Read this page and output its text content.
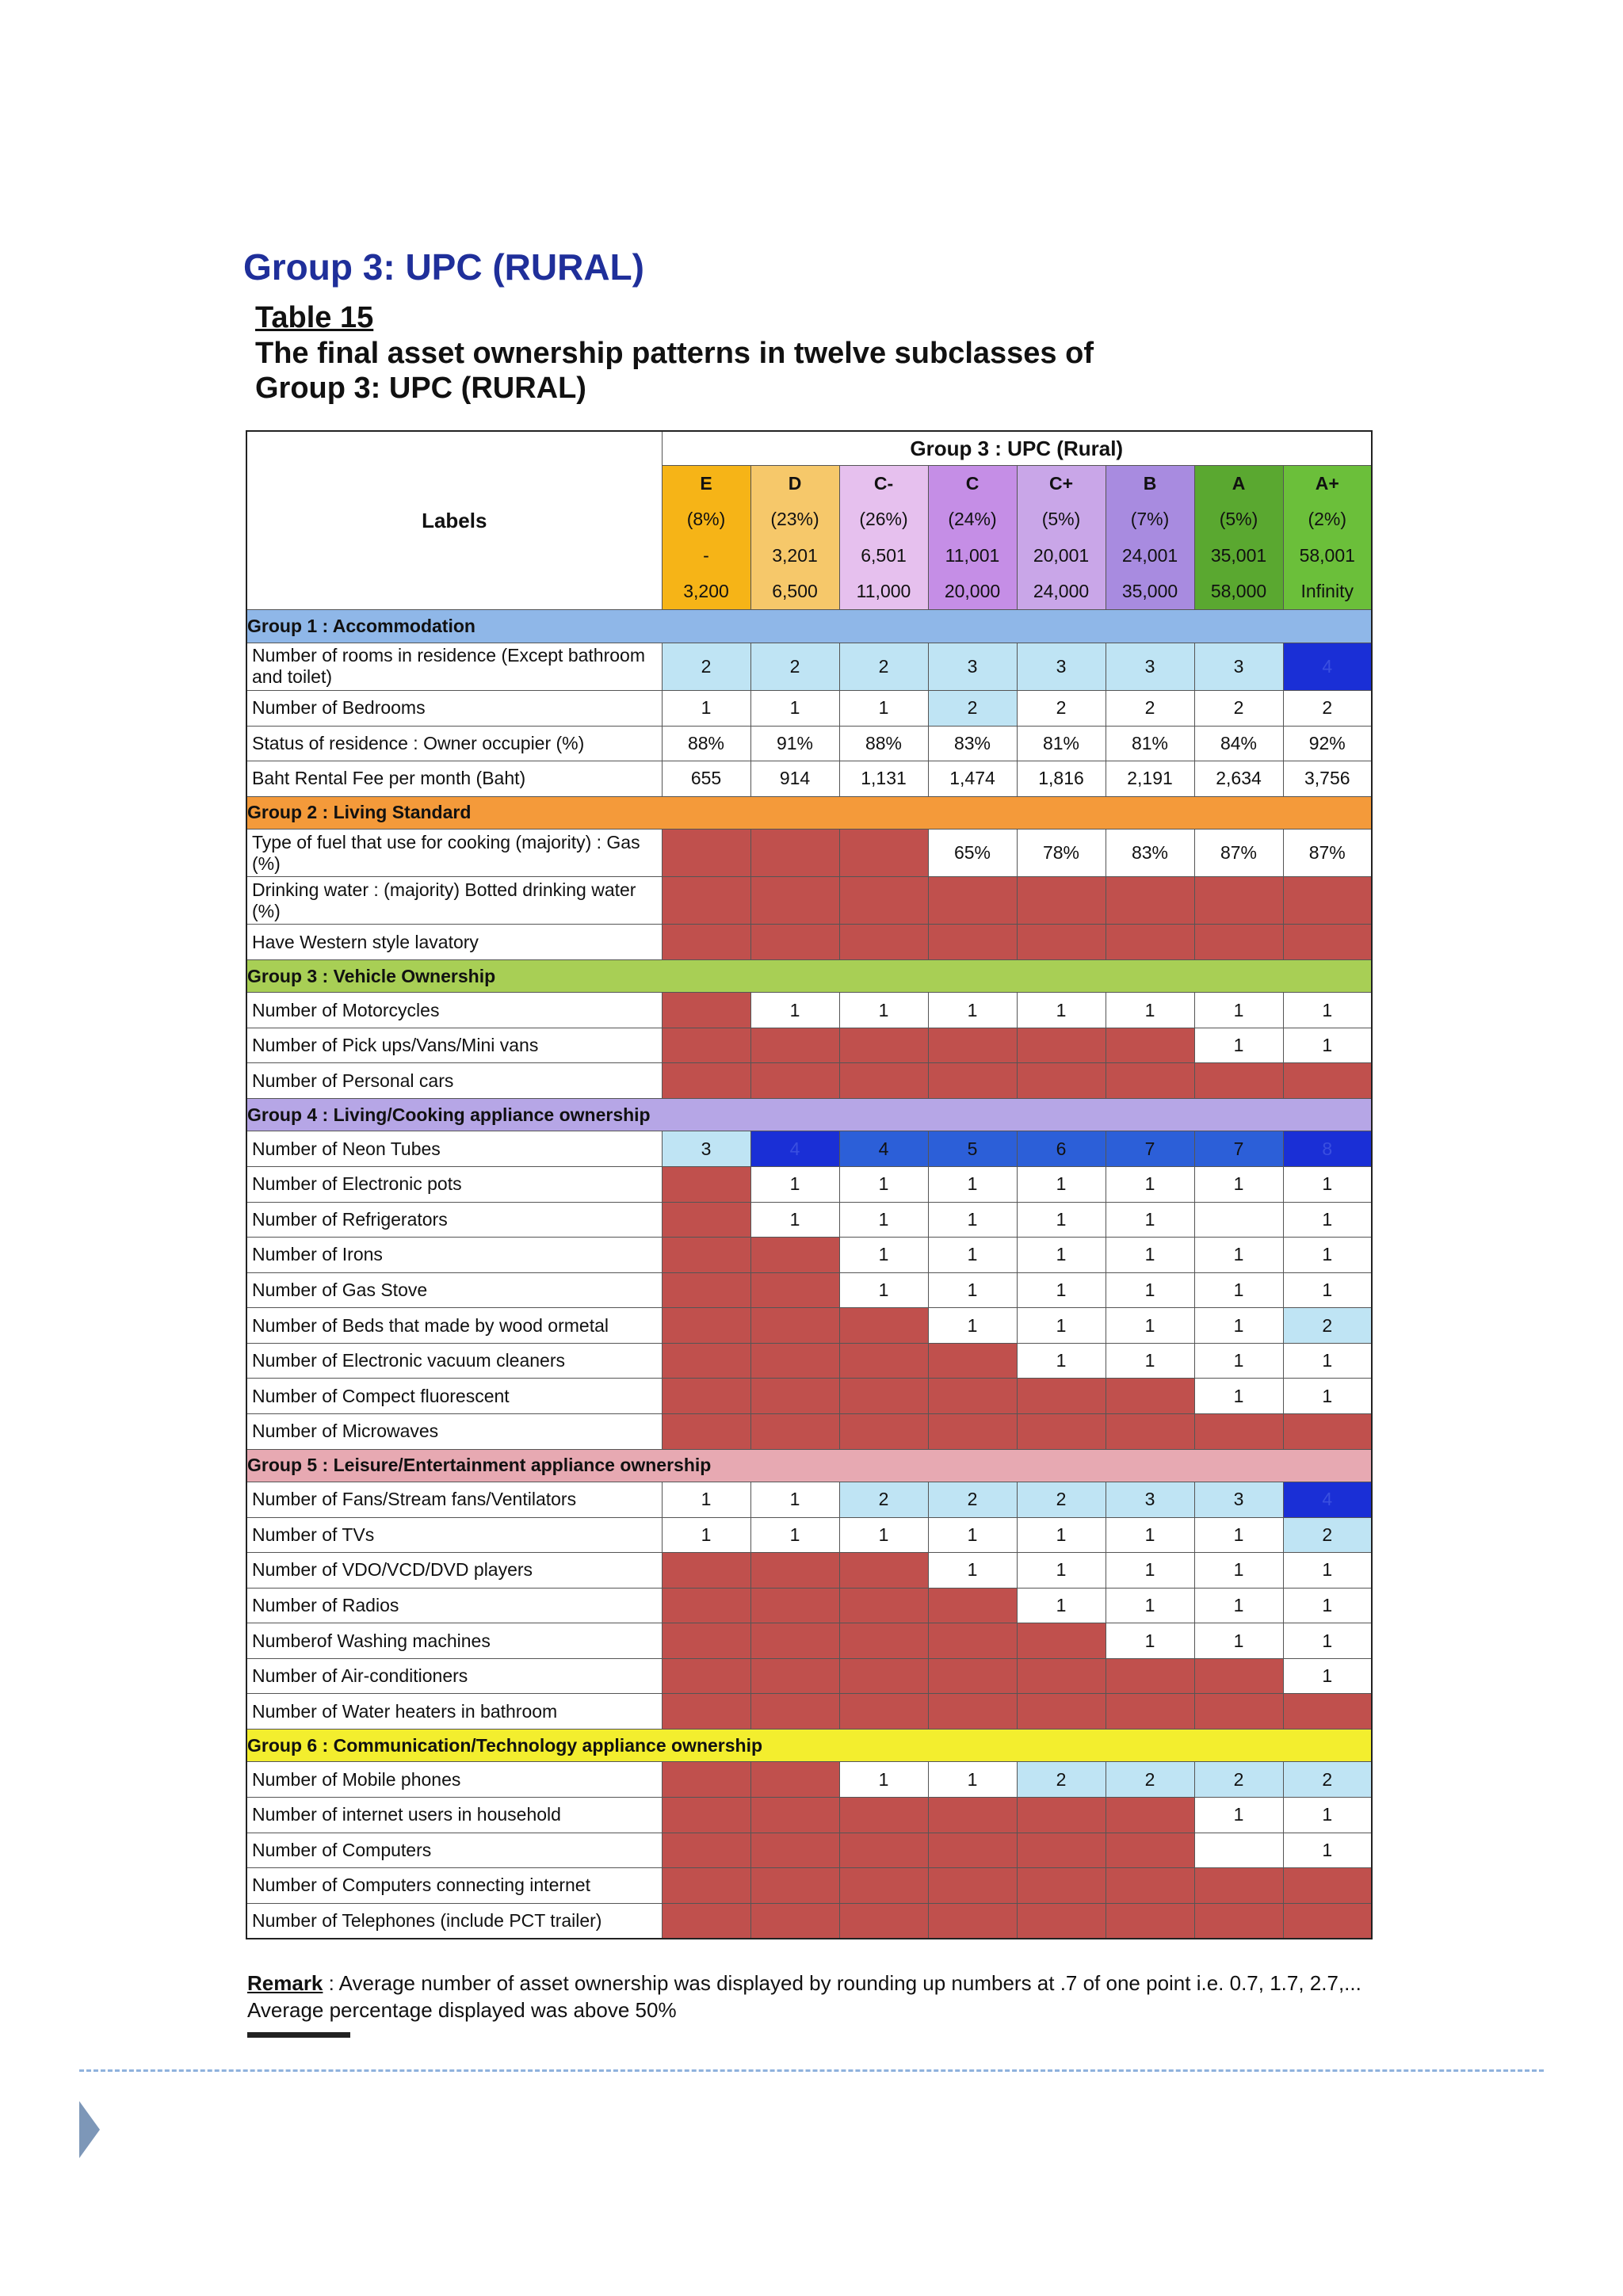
Group 3: UPC (RURAL)
Table 15
The final asset ownership patterns in twelve subclasses of
Group 3: UPC (RURAL)
Labels	Group 3 : UPC (Rural)							
	E	D	C-	C	C+	B	A	A+
	(8%)	(23%)	(26%)	(24%)	(5%)	(7%)	(5%)	(2%)
	-	3,201	6,501	11,001	20,001	24,001	35,001	58,001
	3,200	6,500	11,000	20,000	24,000	35,000	58,000	Infinity
Group 1 : Accommodation								
Number of rooms in residence (Except bathroom and toilet)	2	2	2	3	3	3	3	4
Number of Bedrooms	1	1	1	2	2	2	2	2
Status of residence : Owner occupier (%)	88%	91%	88%	83%	81%	81%	84%	92%
Baht Rental Fee per month (Baht)	655	914	1,131	1,474	1,816	2,191	2,634	3,756
Group 2 : Living Standard								
Type of fuel that use for cooking (majority) : Gas (%)				65%	78%	83%	87%	87%
Drinking water : (majority) Botted drinking water (%)								
Have Western style lavatory								
Group 3 : Vehicle Ownership								
Number of Motorcycles		1	1	1	1	1	1	1
Number of Pick ups/Vans/Mini vans							1	1
Number of Personal cars								
Group 4 : Living/Cooking appliance ownership								
Number of Neon Tubes	3	4	4	5	6	7	7	8
Number of Electronic pots		1	1	1	1	1	1	1
Number of Refrigerators		1	1	1	1	1		1
Number of Irons			1	1	1	1	1	1
Number of Gas Stove			1	1	1	1	1	1
Number of Beds that made by wood ormetal				1	1	1	1	2
Number of Electronic vacuum cleaners					1	1	1	1
Number of Compect fluorescent							1	1
Number of Microwaves								
Group 5 : Leisure/Entertainment appliance ownership								
Number of Fans/Stream fans/Ventilators	1	1	2	2	2	3	3	4
Number of TVs	1	1	1	1	1	1	1	2
Number of VDO/VCD/DVD players				1	1	1	1	1
Number of Radios					1	1	1	1
Numberof Washing machines						1	1	1
Number of Air-conditioners								1
Number of Water heaters in bathroom								
Group 6 : Communication/Technology appliance ownership								
Number of Mobile phones			1	1	2	2	2	2
Number of internet users in household							1	1
Number of Computers								1
Number of Computers connecting internet								
Number of Telephones (include PCT trailer)								
Remark : Average number of asset ownership was displayed by rounding up numbers at .7 of one point i.e. 0.7, 1.7, 2.7,...
Average percentage displayed was above 50%
